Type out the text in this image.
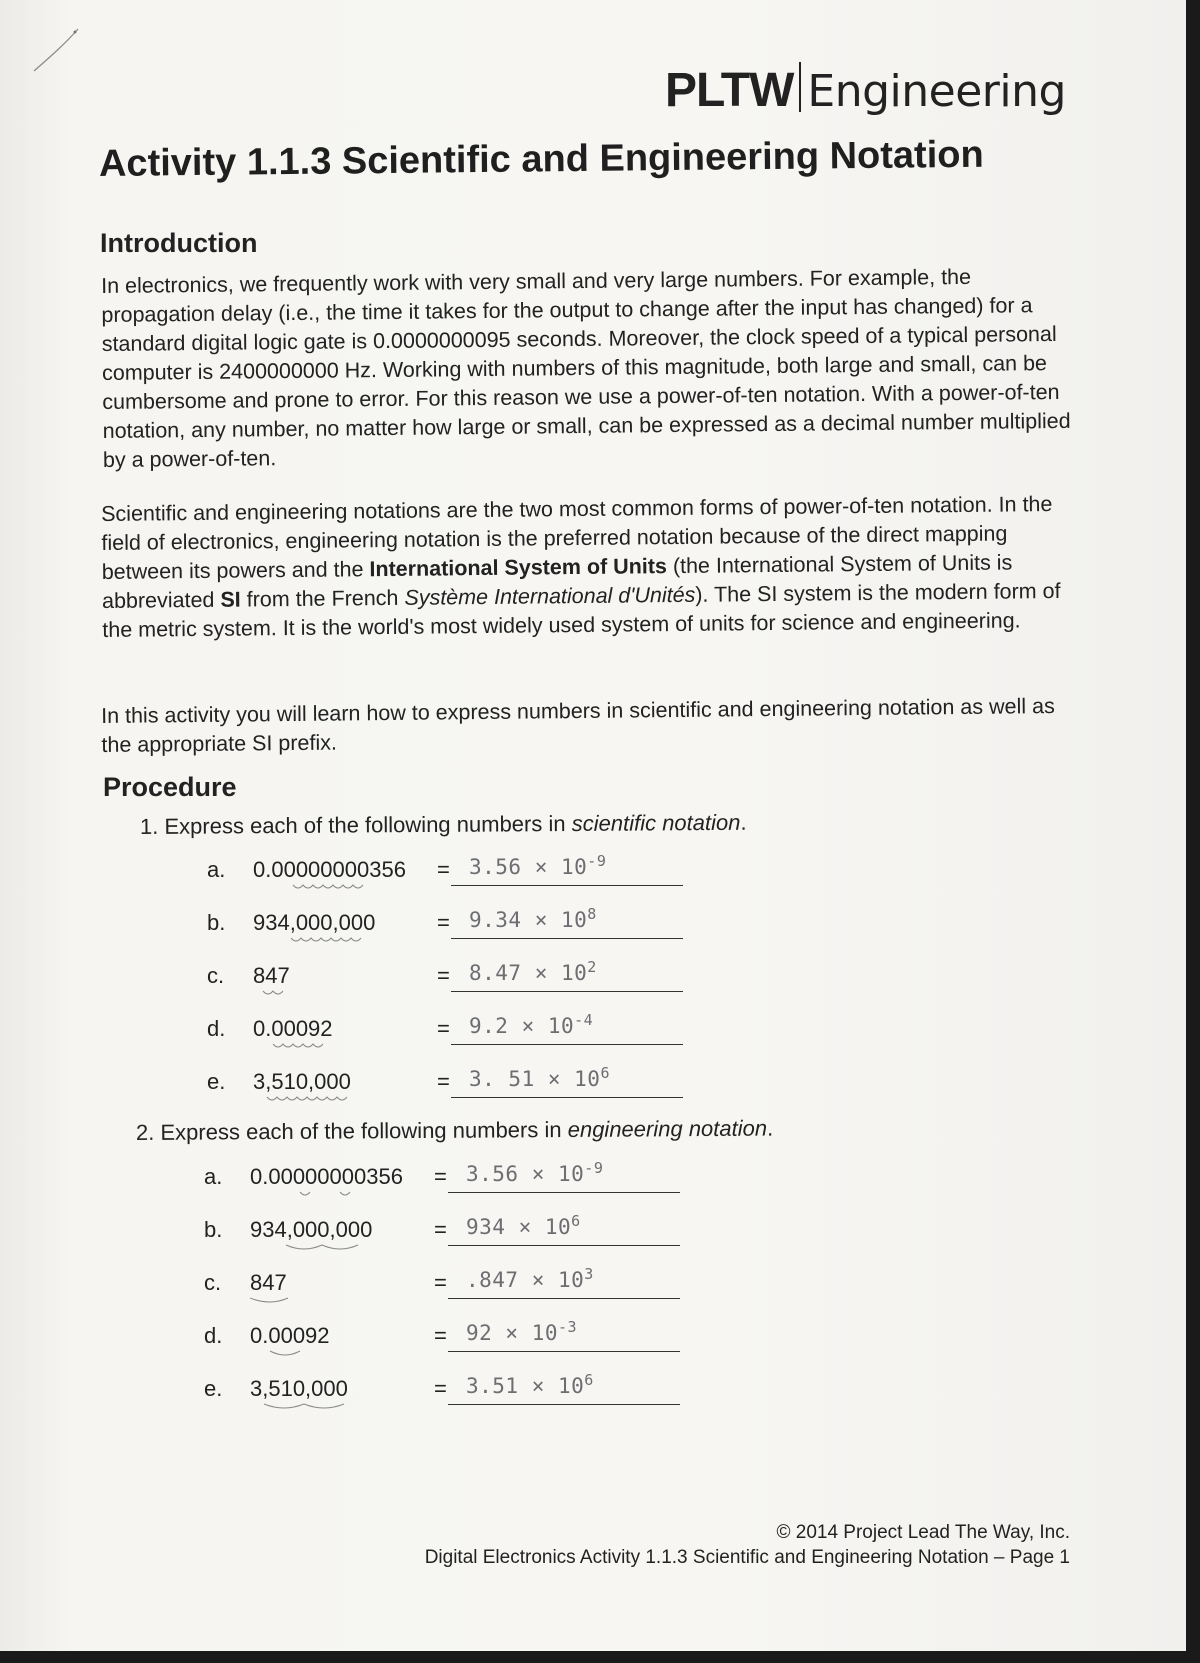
PLTW Engineering
Activity 1.1.3 Scientific and Engineering Notation
Introduction

In electronics, we frequently work with very small and very large numbers. For example, the propagation delay (i.e., the time it takes for the output to change after the input has changed) for a standard digital logic gate is 0.0000000095 seconds. Moreover, the clock speed of a typical personal computer is 2400000000 Hz. Working with numbers of this magnitude, both large and small, can be cumbersome and prone to error. For this reason we use a power-of-ten notation. With a power-of-ten notation, any number, no matter how large or small, can be expressed as a decimal number multiplied by a power-of-ten.

Scientific and engineering notations are the two most common forms of power-of-ten notation. In the field of electronics, engineering notation is the preferred notation because of the direct mapping between its powers and the International System of Units (the International System of Units is abbreviated SI from the French Système International d'Unités). The SI system is the modern form of the metric system. It is the world's most widely used system of units for science and engineering.

In this activity you will learn how to express numbers in scientific and engineering notation as well as the appropriate SI prefix.

Procedure

1. Express each of the following numbers in scientific notation.

a. $0.00000000356 = 3.56 \times 10^{-9}$
b. 934,000,000	= $9.34 \times 10^8$
c. 847	= $8.47 \times 10^2$
d. 0.00092	= $9.2 \times 10^{-4}$
e. 3,510,000	= 3. $51 \times 10^6$

2. Express each of the following numbers in engineering notation.

a. $0.00000000356 = 3.56 \times 10^{-9}$
b. 934,000,000	= $934 \times 10^6$
c. 847	= $.847 \times 10^3$
d. 0.00092	= $92 \times 10^{-3}$
e. 3,510,000	= $3.51 \times 10^6$
© 2014 Project Lead The Way, Inc.
Digital Electronics Activity 1.1.3 Scientific and Engineering Notation – Page 1
